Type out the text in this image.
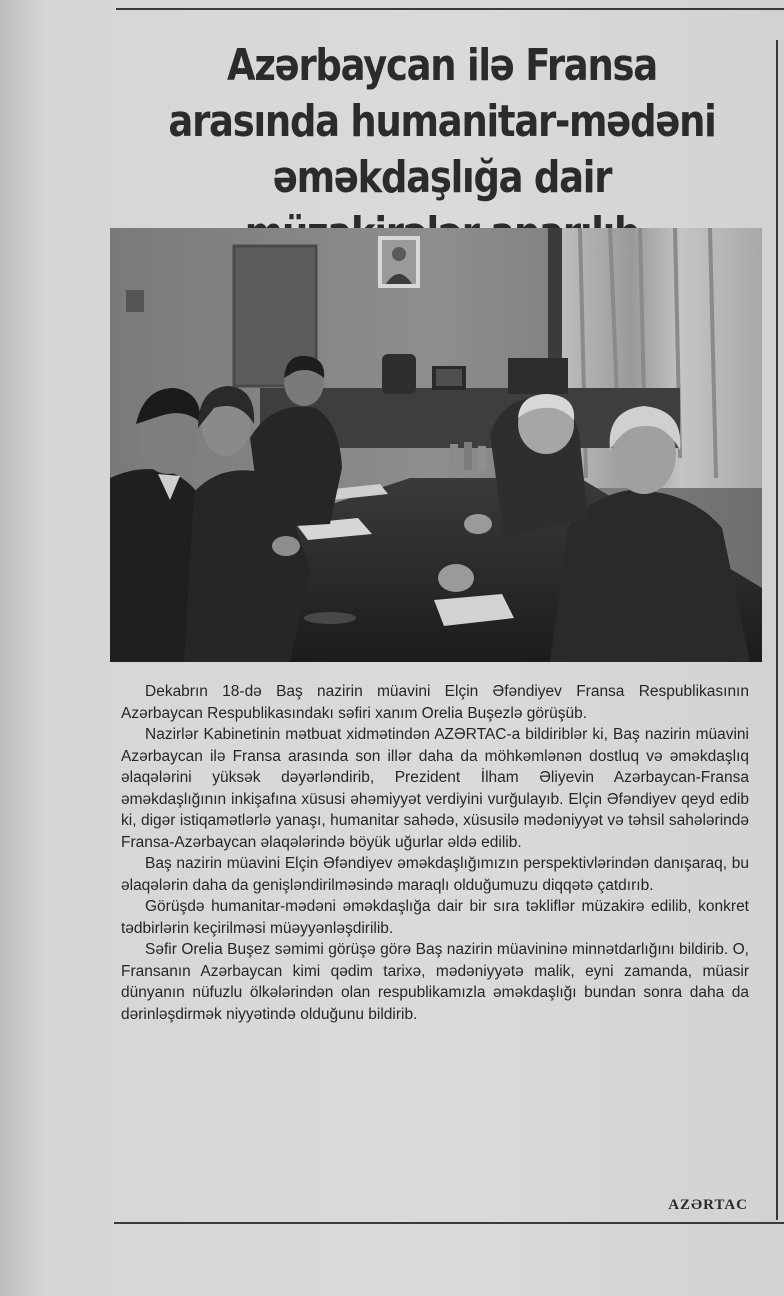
Azərbaycan ilə Fransa arasında humanitar-mədəni əməkdaşlığa dair

Dekabrın 18-də Baş nazirin müavini Elçin Əfəndiyev Fransa Respublikasının Azərbaycan Respublikasındakı səfiri xanım Orelia Buşezlə görüşüb.

Nazirlər Kabinetinin mətbuat xidmətindən AZƏRTAC-a bildiriblər ki, Baş nazirin müavini Azərbaycan ilə Fransa arasında son illər daha da möhkəmlənən dostluq və əməkdaşlıq əlaqələrini yüksək dəyərləndirib, Prezident İlham Əliyevin Azərbaycan-Fransa əməkdaşlığının inkişafına xüsusi əhəmiyyət verdiyini vurğulayıb. Elçin Əfəndiyev qeyd edib ki, digər istiqamətlərlə yanaşı, humanitar sahədə, xüsusilə mədəniyyət və təhsil sahələrində Fransa-Azərbaycan əlaqələrində böyük uğurlar əldə edilib.

Baş nazirin müavini Elçin Əfəndiyev əməkdaşlığımızın perspektivlərindən danışaraq, bu əlaqələrin daha da genişləndirilməsində maraqlı olduğumuzu diqqətə çatdırıb.

Görüşdə humanitar-mədəni əməkdaşlığa dair bir sıra təkliflər müzakirə edilib, konkret tədbirlərin keçirilməsi müəyyənləşdirilib.

Səfir Orelia Buşez səmimi görüşə görə Baş nazirin müavininə minnətdarlığını bildirib. O, Fransanın Azərbaycan kimi qədim tarixə, mədəniyyətə malik, eyni zamanda, müasir dünyanın nüfuzlu ölkələrindən olan respublikamızla əməkdaşlığı bundan sonra daha da dərinləşdirmək niyyətində olduğunu bildirib.

AZƏRTAC
